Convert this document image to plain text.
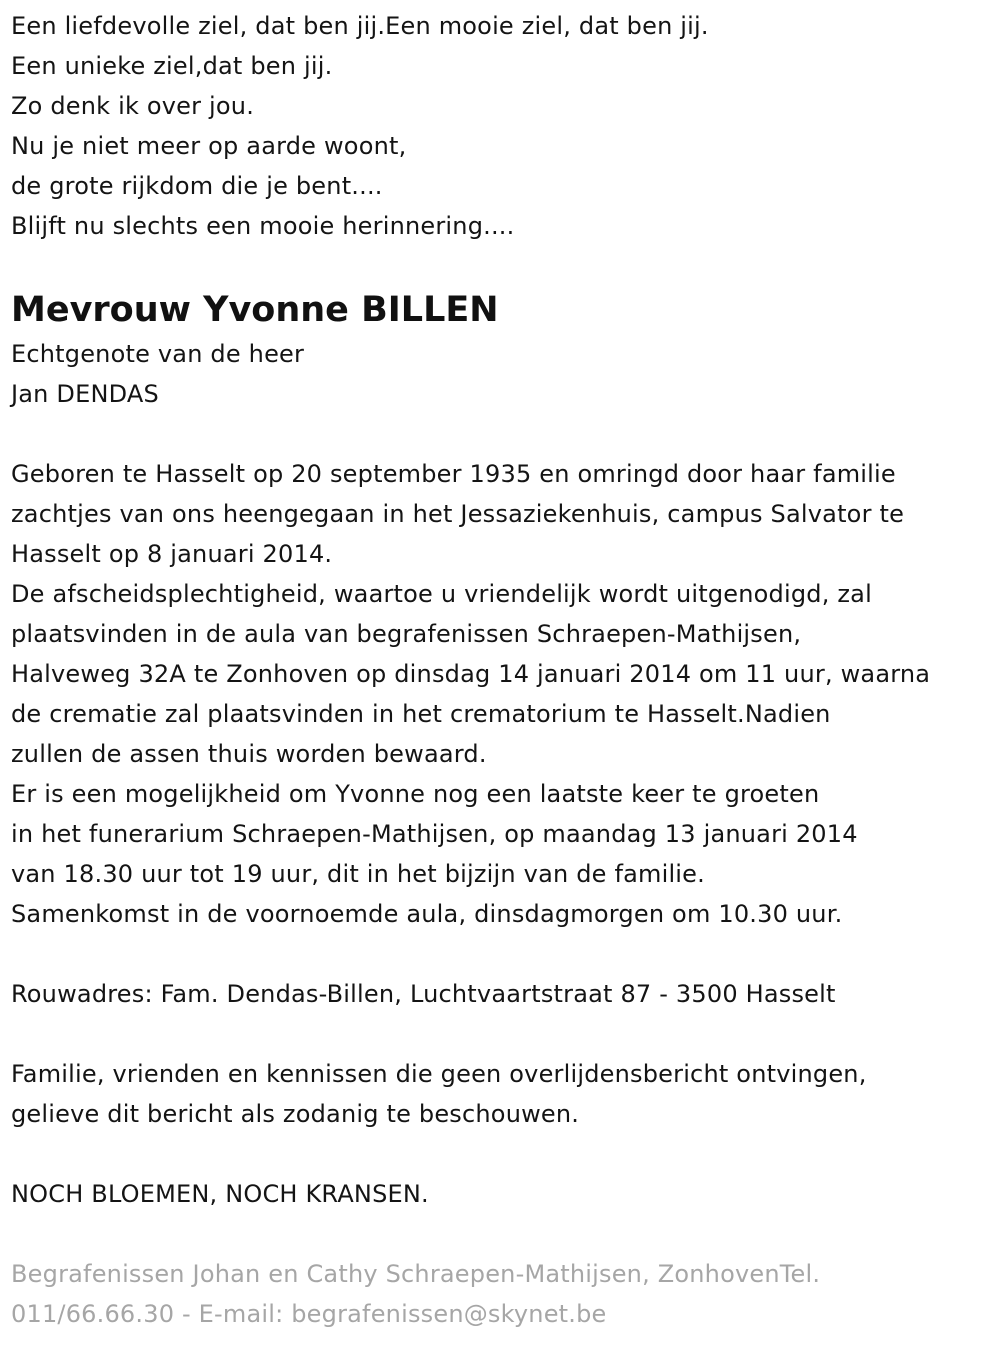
Een liefdevolle ziel, dat ben jij.Een mooie ziel, dat ben jij.
Een unieke ziel,dat ben jij.
Zo denk ik over jou.
Nu je niet meer op aarde woont,
de grote rijkdom die je bent....
Blijft nu slechts een mooie herinnering....
Mevrouw Yvonne BILLEN
Echtgenote van de heer
Jan DENDAS
Geboren te Hasselt op 20 september 1935 en omringd door haar familie
zachtjes van ons heengegaan in het Jessaziekenhuis, campus Salvator te
Hasselt op 8 januari 2014.
De afscheidsplechtigheid, waartoe u vriendelijk wordt uitgenodigd, zal
plaatsvinden in de aula van begrafenissen Schraepen-Mathijsen,
Halveweg 32A te Zonhoven op dinsdag 14 januari 2014 om 11 uur, waarna
de crematie zal plaatsvinden in het crematorium te Hasselt.Nadien
zullen de assen thuis worden bewaard.
Er is een mogelijkheid om Yvonne nog een laatste keer te groeten
in het funerarium Schraepen-Mathijsen, op maandag 13 januari 2014
van 18.30 uur tot 19 uur, dit in het bijzijn van de familie.
Samenkomst in de voornoemde aula, dinsdagmorgen om 10.30 uur.
Rouwadres: Fam. Dendas-Billen, Luchtvaartstraat 87 - 3500 Hasselt
Familie, vrienden en kennissen die geen overlijdensbericht ontvingen,
gelieve dit bericht als zodanig te beschouwen.
NOCH BLOEMEN, NOCH KRANSEN.
Begrafenissen Johan en Cathy Schraepen-Mathijsen, ZonhovenTel.
011/66.66.30 - E-mail: begrafenissen@skynet.be
